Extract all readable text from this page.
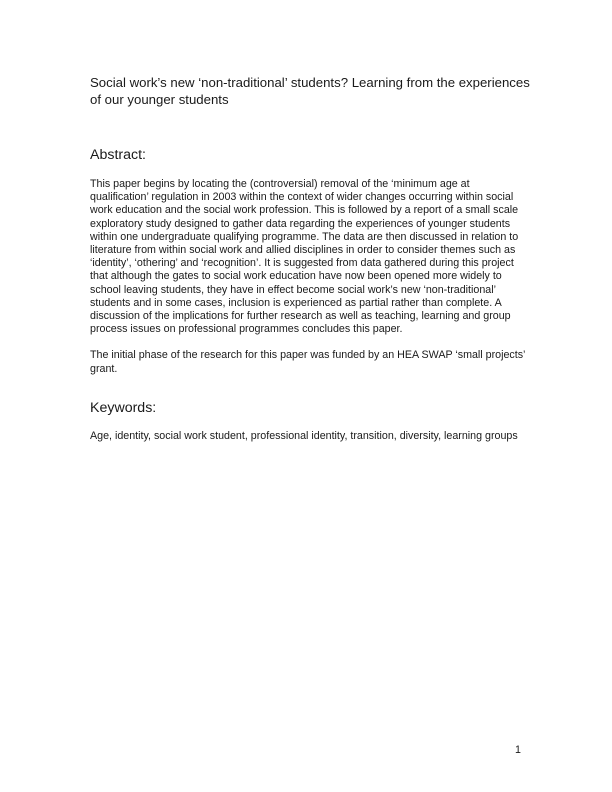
Social work’s new ‘non-traditional’ students? Learning from the experiences of our younger students
Abstract:

This paper begins by locating the (controversial) removal of the ‘minimum age at qualification’ regulation in 2003 within the context of wider changes occurring within social work education and the social work profession. This is followed by a report of a small scale exploratory study designed to gather data regarding the experiences of younger students within one undergraduate qualifying programme. The data are then discussed in relation to literature from within social work and allied disciplines in order to consider themes such as ‘identity’, ‘othering’ and ‘recognition’. It is suggested from data gathered during this project that although the gates to social work education have now been opened more widely to school leaving students, they have in effect become social work’s new ‘non-traditional’ students and in some cases, inclusion is experienced as partial rather than complete. A discussion of the implications for further research as well as teaching, learning and group process issues on professional programmes concludes this paper.

The initial phase of the research for this paper was funded by an HEA SWAP ‘small projects’ grant.

Keywords:

Age, identity, social work student, professional identity, transition, diversity, learning groups

1
